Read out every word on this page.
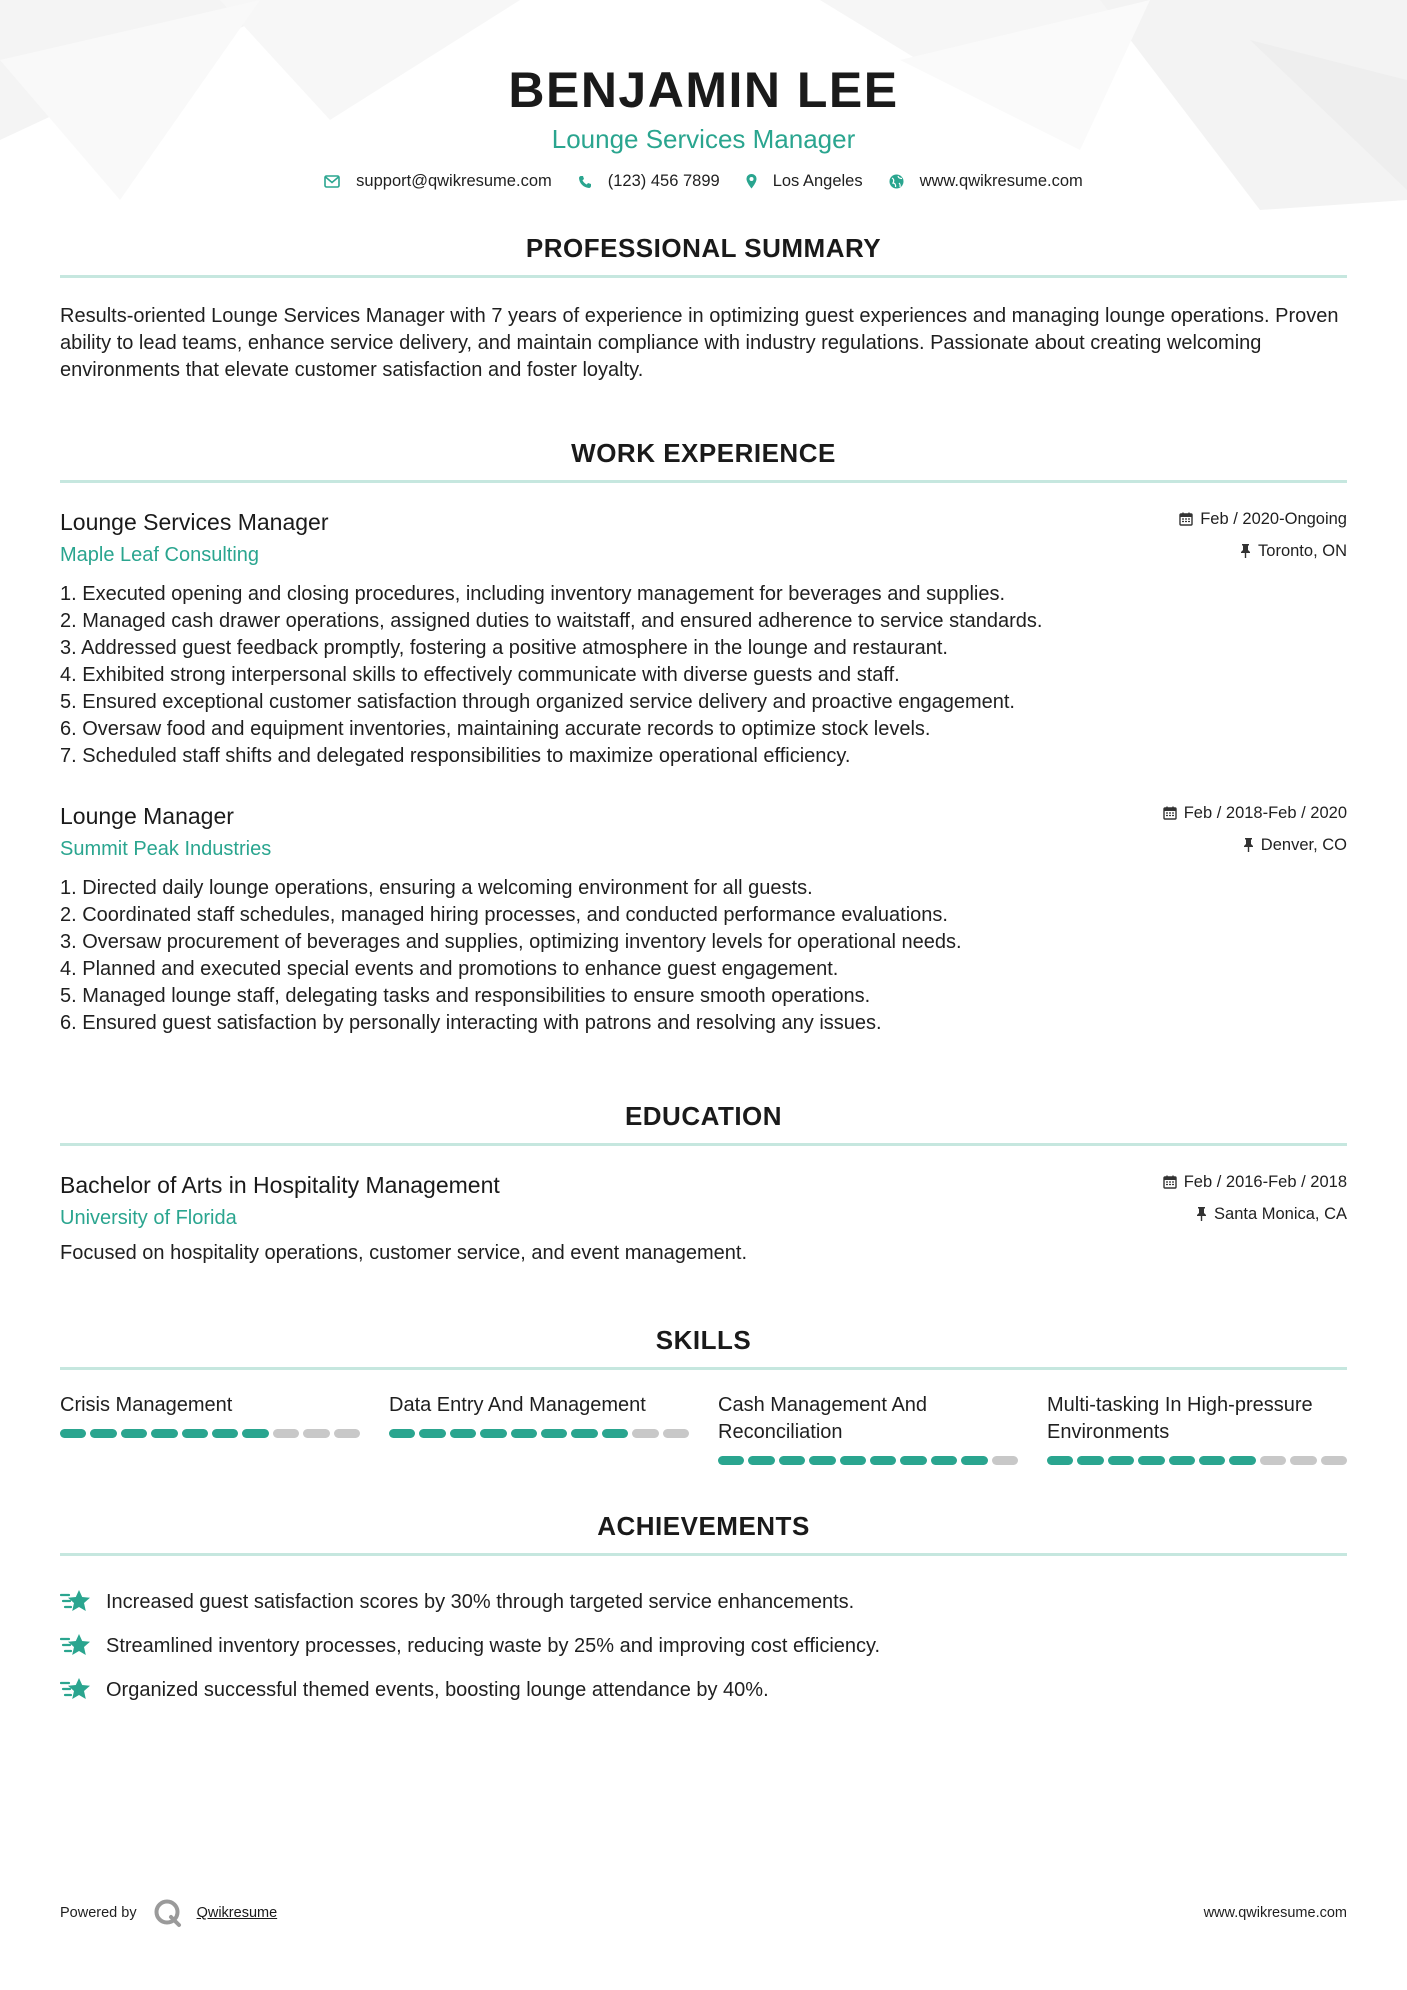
BENJAMIN LEE
Lounge Services Manager
support@qwikresume.com	(123) 456 7899	Los Angeles	www.qwikresume.com
PROFESSIONAL SUMMARY

Results-oriented Lounge Services Manager with 7 years of experience in optimizing guest experiences and managing lounge operations. Proven ability to lead teams, enhance service delivery, and maintain compliance with industry regulations. Passionate about creating welcoming environments that elevate customer satisfaction and foster loyalty.

WORK EXPERIENCE
Lounge Services Manager
Maple Leaf Consulting
Feb / 2020-Ongoing
Toronto, ON
1. Executed opening and closing procedures, including inventory management for beverages and supplies.
2. Managed cash drawer operations, assigned duties to waitstaff, and ensured adherence to service standards.
3. Addressed guest feedback promptly, fostering a positive atmosphere in the lounge and restaurant.
4. Exhibited strong interpersonal skills to effectively communicate with diverse guests and staff.
5. Ensured exceptional customer satisfaction through organized service delivery and proactive engagement.
6. Oversaw food and equipment inventories, maintaining accurate records to optimize stock levels.
7. Scheduled staff shifts and delegated responsibilities to maximize operational efficiency.
Lounge Manager
Summit Peak Industries
Feb / 2018-Feb / 2020
Denver, CO
1. Directed daily lounge operations, ensuring a welcoming environment for all guests.
2. Coordinated staff schedules, managed hiring processes, and conducted performance evaluations.
3. Oversaw procurement of beverages and supplies, optimizing inventory levels for operational needs.
4. Planned and executed special events and promotions to enhance guest engagement.
5. Managed lounge staff, delegating tasks and responsibilities to ensure smooth operations.
6. Ensured guest satisfaction by personally interacting with patrons and resolving any issues.
EDUCATION
Bachelor of Arts in Hospitality Management
University of Florida
Feb / 2016-Feb / 2018
Santa Monica, CA

Focused on hospitality operations, customer service, and event management.

SKILLS
Crisis Management	Data Entry And Management	Cash Management And Reconciliation
Multi-tasking In High-pressure Environments
ACHIEVEMENTS
Increased guest satisfaction scores by 30% through targeted service enhancements.
Streamlined inventory processes, reducing waste by 25% and improving cost efficiency.
Organized successful themed events, boosting lounge attendance by 40%.
Powered by	Qwikresume	www.qwikresume.com
